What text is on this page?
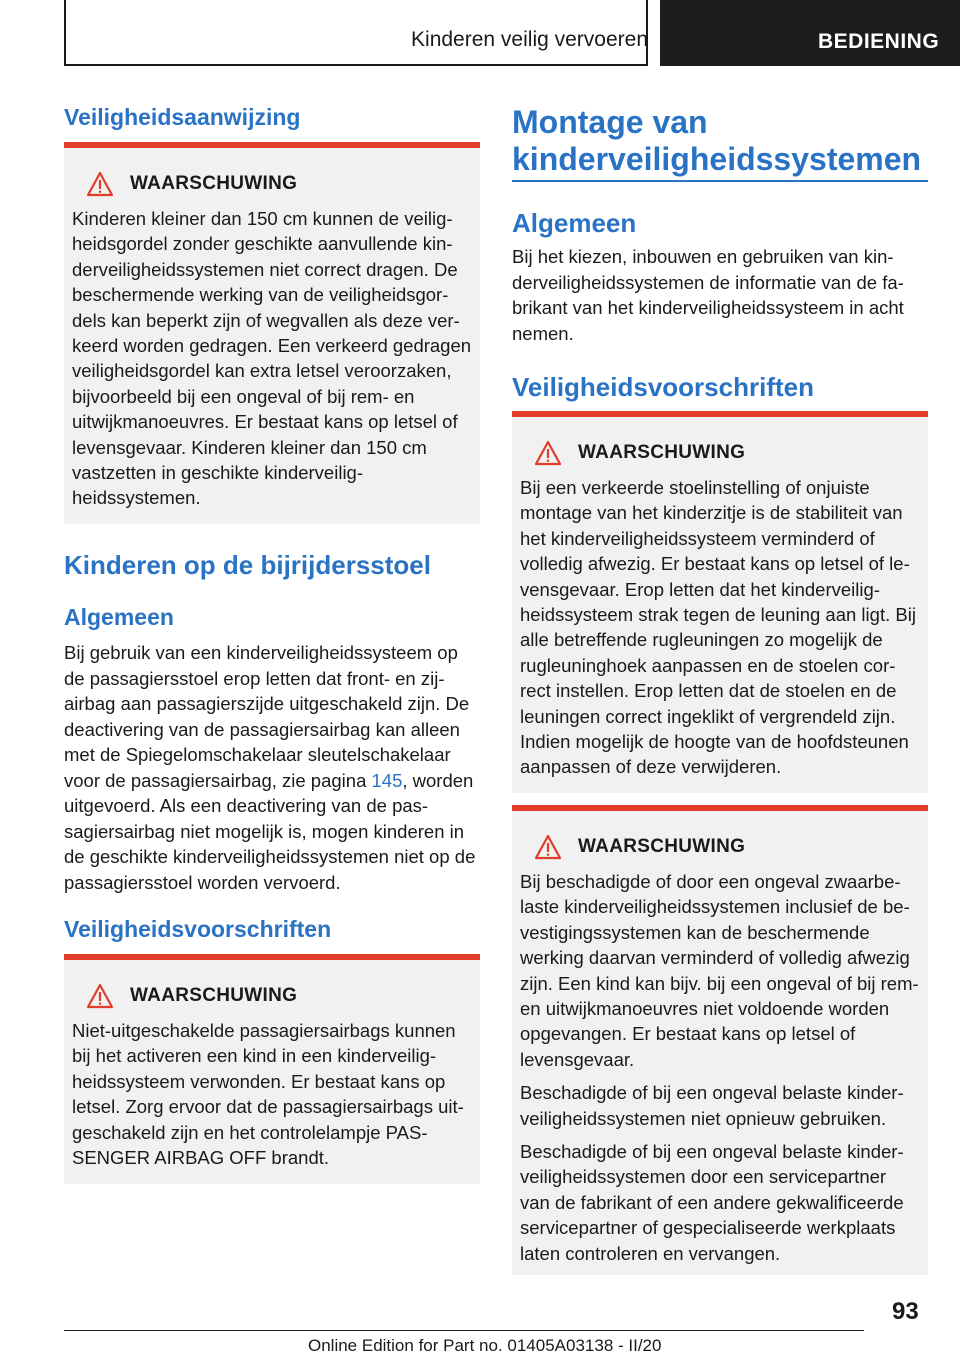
Kinderen veilig vervoeren	BEDIENING
Veiligheidsaanwijzing
WAARSCHUWING

Kinderen kleiner dan 150 cm kunnen de veiligheidsgordel zonder geschikte aanvullende kinderveiligheidssystemen niet correct dragen. De beschermende werking van de veiligheidsgordels kan beperkt zijn of wegvallen als deze verkeerd worden gedragen. Een verkeerd gedragen veiligheidsgordel kan extra letsel veroorzaken, bijvoorbeeld bij een ongeval of bij rem- en uitwijkmanoeuvres. Er bestaat kans op letsel of levensgevaar. Kinderen kleiner dan 150 cm vastzetten in geschikte kinderveiligheidssystemen.

Kinderen op de bijrijdersstoel
Algemeen
Bij gebruik van een kinderveiligheidssysteem op de passagiersstoel erop letten dat front- en zijairbag aan passagierszijde uitgeschakeld zijn. De deactivering van de passagiersairbag kan alleen met de Spiegelomschakelaar sleutelschakelaar voor de passagiersairbag, zie pagina 145, worden uitgevoerd. Als een deactivering van de passagiersairbag niet mogelijk is, mogen kinderen in de geschikte kinderveiligheidssystemen niet op de passagiersstoel worden vervoerd.
Veiligheidsvoorschriften
WAARSCHUWING

Niet-uitgeschakelde passagiersairbags kunnen bij het activeren een kind in een kinderveiligheidssysteem verwonden. Er bestaat kans op letsel. Zorg ervoor dat de passagiersairbags uitgeschakeld zijn en het controlelampje PASSENGER AIRBAG OFF brandt.

Montage van kinderveiligheidssystemen
Algemeen
Bij het kiezen, inbouwen en gebruiken van kinderveiligheidssystemen de informatie van de fabrikant van het kinderveiligheidssysteem in acht nemen.
Veiligheidsvoorschriften
WAARSCHUWING

Bij een verkeerde stoelinstelling of onjuiste montage van het kinderzitje is de stabiliteit van het kinderveiligheidssysteem verminderd of volledig afwezig. Er bestaat kans op letsel of levensgevaar. Erop letten dat het kinderveiligheidssysteem strak tegen de leuning aan ligt. Bij alle betreffende rugleuningen zo mogelijk de rugleuninghoek aanpassen en de stoelen correct instellen. Erop letten dat de stoelen en de leuningen correct ingeklikt of vergrendeld zijn. Indien mogelijk de hoogte van de hoofdsteunen aanpassen of deze verwijderen.

WAARSCHUWING

Bij beschadigde of door een ongeval zwaarbelaste kinderveiligheidssystemen inclusief de bevestigingssystemen kan de beschermende werking daarvan verminderd of volledig afwezig zijn. Een kind kan bijv. bij een ongeval of bij rem- en uitwijkmanoeuvres niet voldoende worden opgevangen. Er bestaat kans op letsel of levensgevaar.

Beschadigde of bij een ongeval belaste kinderveiligheidssystemen niet opnieuw gebruiken.

Beschadigde of bij een ongeval belaste kinderveiligheidssystemen door een servicepartner van de fabrikant of een andere gekwalificeerde servicepartner of gespecialiseerde werkplaats laten controleren en vervangen.

93
Online Edition for Part no. 01405A03138 - II/20
